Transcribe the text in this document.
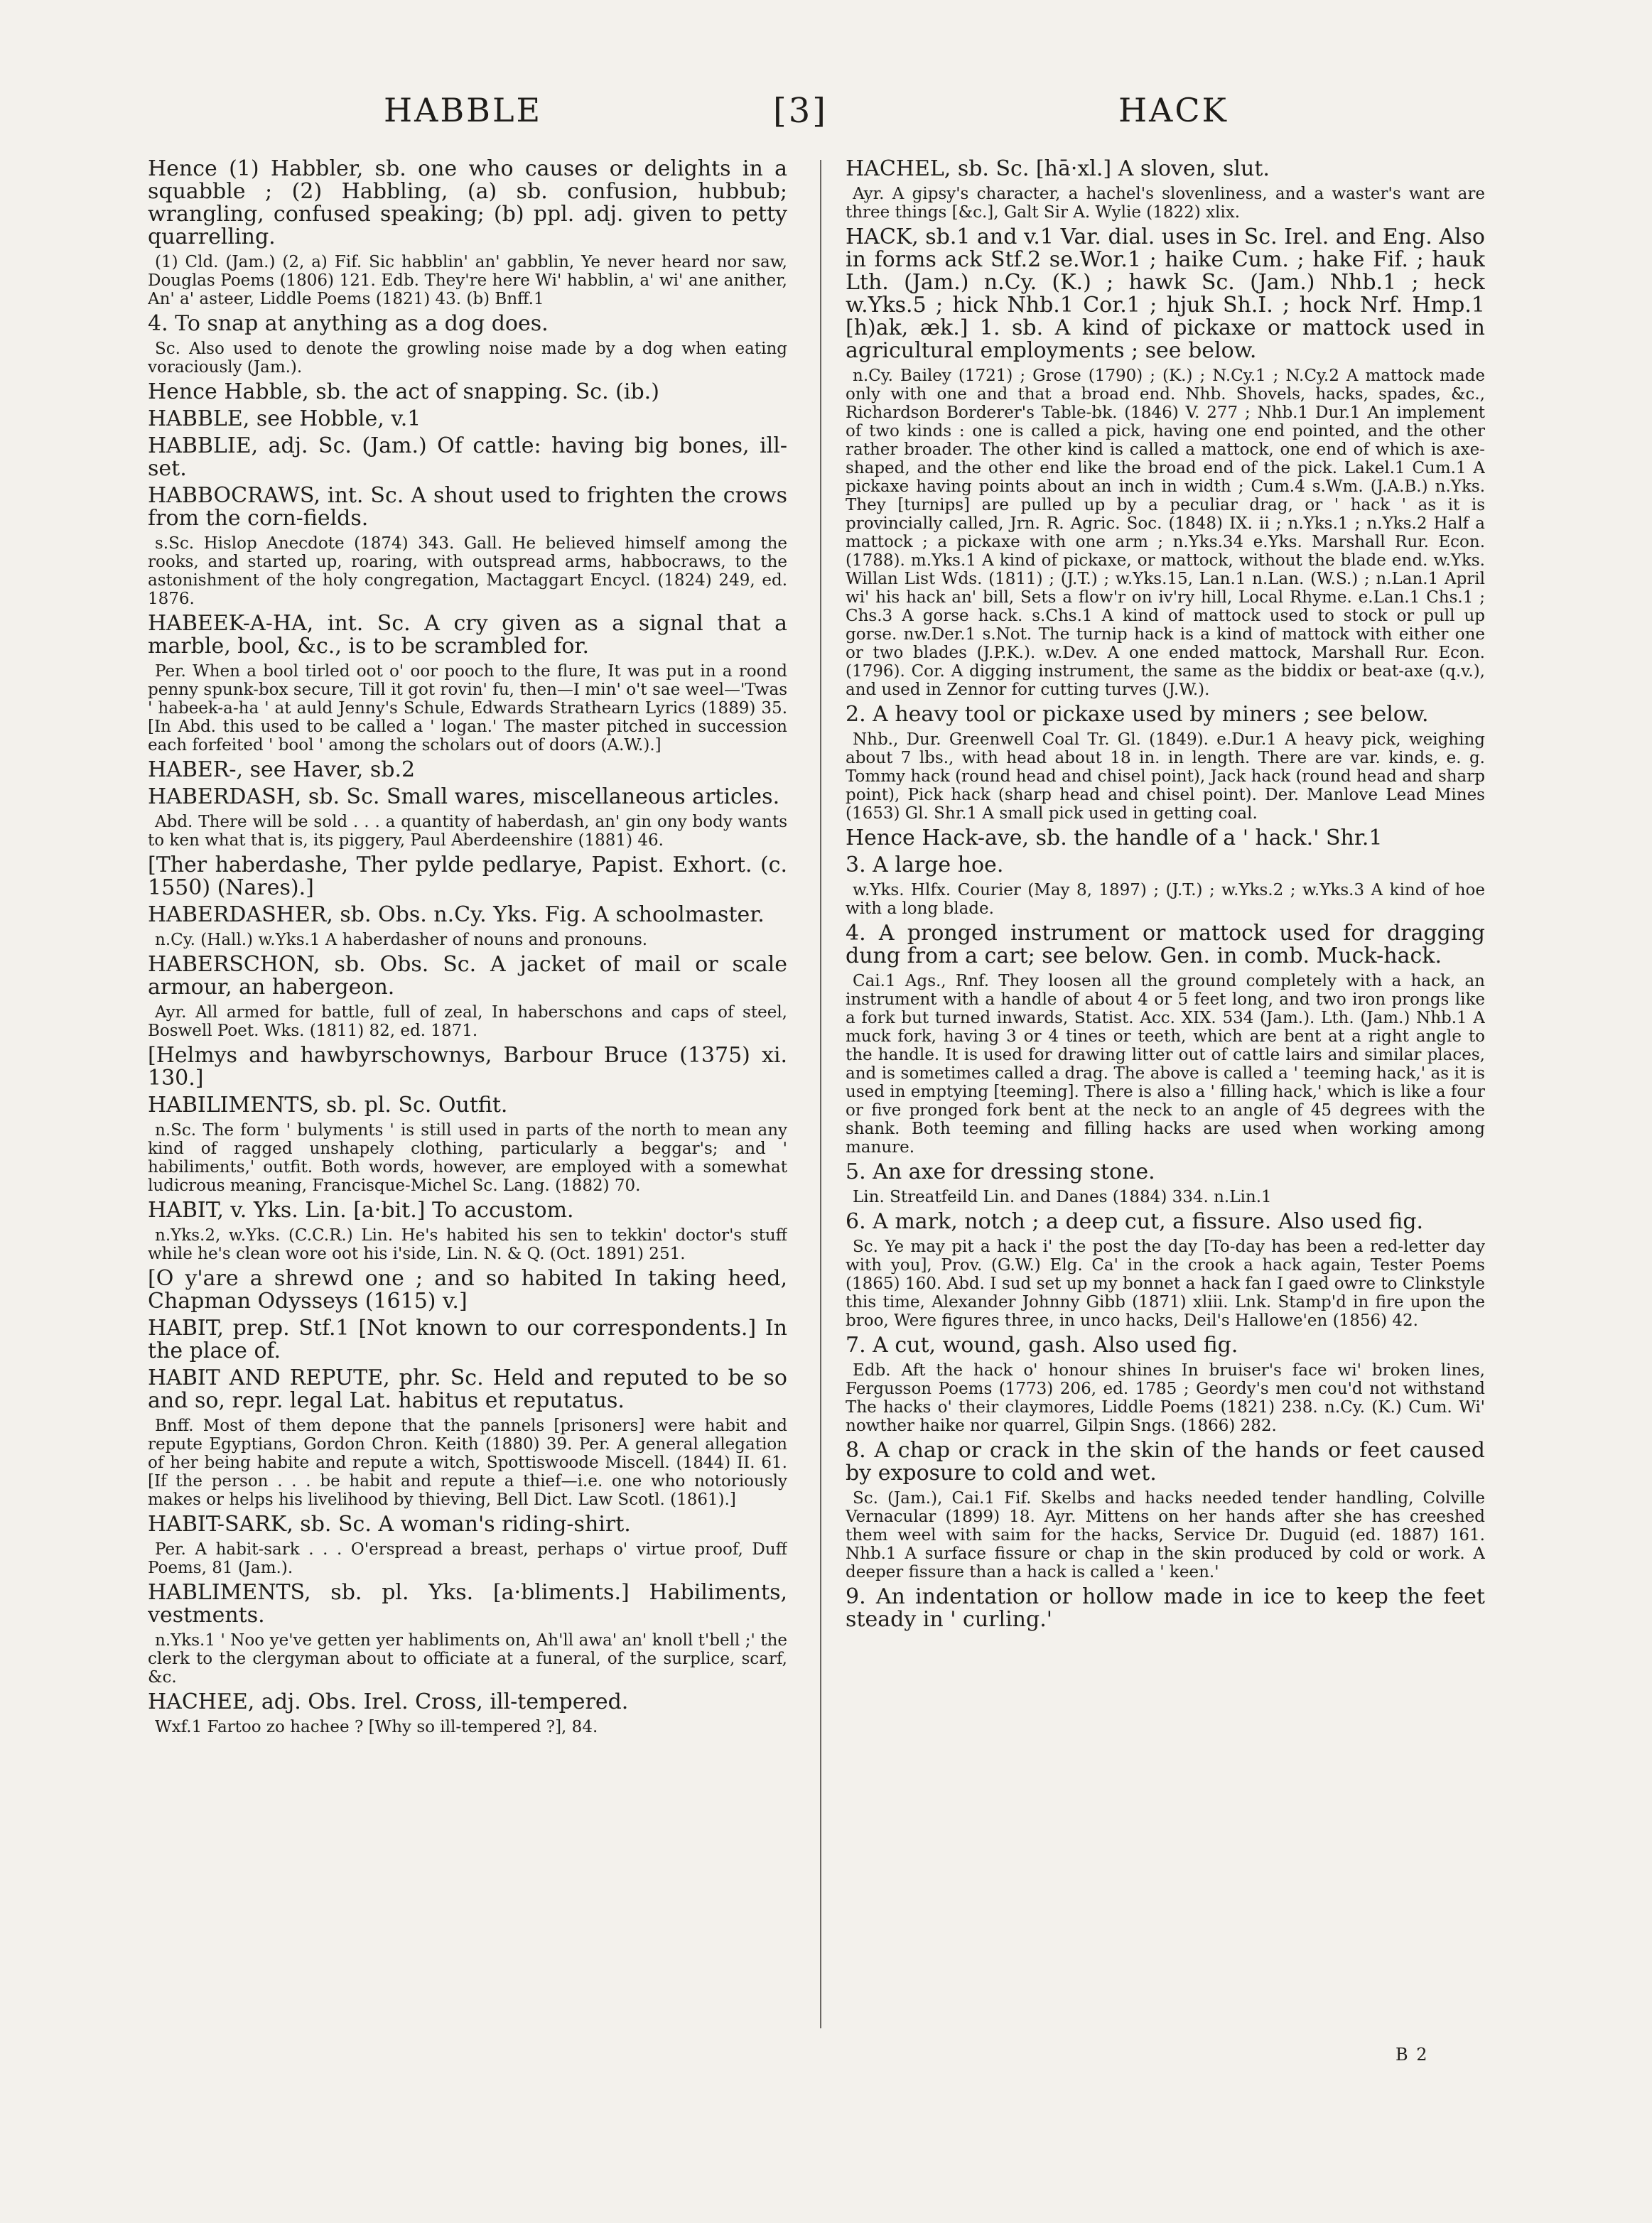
HABBLE	[3]	HACK

Hence (1) Habbler, sb. one who causes or delights in a squabble ; (2) Habbling, (a) sb. confusion, hubbub; wrangling, confused speaking; (b) ppl. adj. given to petty quarrelling.

(1) Cld. (Jam.) (2, a) Fif. Sic habblin' an' gabblin, Ye never heard nor saw, Douglas Poems (1806) 121. Edb. They're here Wi' habblin, a' wi' ane anither, An' a' asteer, Liddle Poems (1821) 43. (b) Bnff.1

4. To snap at anything as a dog does.

Sc. Also used to denote the growling noise made by a dog when eating voraciously (Jam.).

Hence Habble, sb. the act of snapping. Sc. (ib.)

HABBLE, see Hobble, v.1

HABBLIE, adj. Sc. (Jam.) Of cattle: having big bones, ill-set.

HABBOCRAWS, int. Sc. A shout used to frighten the crows from the corn-fields.

s.Sc. Hislop Anecdote (1874) 343. Gall. He believed himself among the rooks, and started up, roaring, with outspread arms, habbocraws, to the astonishment of the holy congregation, Mactaggart Encycl. (1824) 249, ed. 1876.

HABEEK-A-HA, int. Sc. A cry given as a signal that a marble, bool, &c., is to be scrambled for.

Per. When a bool tirled oot o' oor pooch to the flure, It was put in a roond penny spunk-box secure, Till it got rovin' fu, then—I min' o't sae weel—'Twas ' habeek-a-ha ' at auld Jenny's Schule, Edwards Strathearn Lyrics (1889) 35. [In Abd. this used to be called a ' logan.' The master pitched in succession each forfeited ' bool ' among the scholars out of doors (A.W.).]

HABER-, see Haver, sb.2

HABERDASH, sb. Sc. Small wares, miscellaneous articles.

Abd. There will be sold . . . a quantity of haberdash, an' gin ony body wants to ken what that is, its piggery, Paul Aberdeenshire (1881) 46.

[Ther haberdashe, Ther pylde pedlarye, Papist. Exhort. (c. 1550) (Nares).]

HABERDASHER, sb. Obs. n.Cy. Yks. Fig. A schoolmaster.

n.Cy. (Hall.) w.Yks.1 A haberdasher of nouns and pronouns.

HABERSCHON, sb. Obs. Sc. A jacket of mail or scale armour, an habergeon.

Ayr. All armed for battle, full of zeal, In haberschons and caps of steel, Boswell Poet. Wks. (1811) 82, ed. 1871.

[Helmys and hawbyrschownys, Barbour Bruce (1375) xi. 130.]

HABILIMENTS, sb. pl. Sc. Outfit.

n.Sc. The form ' bulyments ' is still used in parts of the north to mean any kind of ragged unshapely clothing, particularly a beggar's; and ' habiliments,' outfit. Both words, however, are employed with a somewhat ludicrous meaning, Francisque-Michel Sc. Lang. (1882) 70.

HABIT, v. Yks. Lin. [a·bit.] To accustom.

n.Yks.2, w.Yks. (C.C.R.) Lin. He's habited his sen to tekkin' doctor's stuff while he's clean wore oot his i'side, Lin. N. & Q. (Oct. 1891) 251.

[O y'are a shrewd one ; and so habited In taking heed, Chapman Odysseys (1615) v.]

HABIT, prep. Stf.1 [Not known to our correspondents.] In the place of.

HABIT AND REPUTE, phr. Sc. Held and reputed to be so and so, repr. legal Lat. habitus et reputatus.

Bnff. Most of them depone that the pannels [prisoners] were habit and repute Egyptians, Gordon Chron. Keith (1880) 39. Per. A general allegation of her being habite and repute a witch, Spottiswoode Miscell. (1844) II. 61. [If the person . . . be habit and repute a thief—i.e. one who notoriously makes or helps his livelihood by thieving, Bell Dict. Law Scotl. (1861).]

HABIT-SARK, sb. Sc. A woman's riding-shirt.

Per. A habit-sark . . . O'erspread a breast, perhaps o' virtue proof, Duff Poems, 81 (Jam.).

HABLIMENTS, sb. pl. Yks. [a·bliments.] Habiliments, vestments.

n.Yks.1 ' Noo ye've getten yer habliments on, Ah'll awa' an' knoll t'bell ;' the clerk to the clergyman about to officiate at a funeral, of the surplice, scarf, &c.

HACHEE, adj. Obs. Irel. Cross, ill-tempered.

Wxf.1 Fartoo zo hachee ? [Why so ill-tempered ?], 84.

HACHEL, sb. Sc. [hā·xl.] A sloven, slut.

Ayr. A gipsy's character, a hachel's slovenliness, and a waster's want are three things [&c.], Galt Sir A. Wylie (1822) xlix.

HACK, sb.1 and v.1 Var. dial. uses in Sc. Irel. and Eng. Also in forms ack Stf.2 se.Wor.1 ; haike Cum. ; hake Fif. ; hauk Lth. (Jam.) n.Cy. (K.) ; hawk Sc. (Jam.) Nhb.1 ; heck w.Yks.5 ; hick Nhb.1 Cor.1 ; hjuk Sh.I. ; hock Nrf. Hmp.1 [h)ak, æk.] 1. sb. A kind of pickaxe or mattock used in agricultural employments ; see below.

n.Cy. Bailey (1721) ; Grose (1790) ; (K.) ; N.Cy.1 ; N.Cy.2 A mattock made only with one and that a broad end. Nhb. Shovels, hacks, spades, &c., Richardson Borderer's Table-bk. (1846) V. 277 ; Nhb.1 Dur.1 An implement of two kinds : one is called a pick, having one end pointed, and the other rather broader. The other kind is called a mattock, one end of which is axe-shaped, and the other end like the broad end of the pick. Lakel.1 Cum.1 A pickaxe having points about an inch in width ; Cum.4 s.Wm. (J.A.B.) n.Yks. They [turnips] are pulled up by a peculiar drag, or ' hack ' as it is provincially called, Jrn. R. Agric. Soc. (1848) IX. ii ; n.Yks.1 ; n.Yks.2 Half a mattock ; a pickaxe with one arm ; n.Yks.34 e.Yks. Marshall Rur. Econ. (1788). m.Yks.1 A kind of pickaxe, or mattock, without the blade end. w.Yks. Willan List Wds. (1811) ; (J.T.) ; w.Yks.15, Lan.1 n.Lan. (W.S.) ; n.Lan.1 April wi' his hack an' bill, Sets a flow'r on iv'ry hill, Local Rhyme. e.Lan.1 Chs.1 ; Chs.3 A gorse hack. s.Chs.1 A kind of mattock used to stock or pull up gorse. nw.Der.1 s.Not. The turnip hack is a kind of mattock with either one or two blades (J.P.K.). w.Dev. A one ended mattock, Marshall Rur. Econ. (1796). Cor. A digging instrument, the same as the biddix or beat-axe (q.v.), and used in Zennor for cutting turves (J.W.).

2. A heavy tool or pickaxe used by miners ; see below.

Nhb., Dur. Greenwell Coal Tr. Gl. (1849). e.Dur.1 A heavy pick, weighing about 7 lbs., with head about 18 in. in length. There are var. kinds, e. g. Tommy hack (round head and chisel point), Jack hack (round head and sharp point), Pick hack (sharp head and chisel point). Der. Manlove Lead Mines (1653) Gl. Shr.1 A small pick used in getting coal.

Hence Hack-ave, sb. the handle of a ' hack.' Shr.1

3. A large hoe.

w.Yks. Hlfx. Courier (May 8, 1897) ; (J.T.) ; w.Yks.2 ; w.Yks.3 A kind of hoe with a long blade.

4. A pronged instrument or mattock used for dragging dung from a cart; see below. Gen. in comb. Muck-hack.

Cai.1 Ags., Rnf. They loosen all the ground completely with a hack, an instrument with a handle of about 4 or 5 feet long, and two iron prongs like a fork but turned inwards, Statist. Acc. XIX. 534 (Jam.). Lth. (Jam.) Nhb.1 A muck fork, having 3 or 4 tines or teeth, which are bent at a right angle to the handle. It is used for drawing litter out of cattle lairs and similar places, and is sometimes called a drag. The above is called a ' teeming hack,' as it is used in emptying [teeming]. There is also a ' filling hack,' which is like a four or five pronged fork bent at the neck to an angle of 45 degrees with the shank. Both teeming and filling hacks are used when working among manure.

5. An axe for dressing stone.

Lin. Streatfeild Lin. and Danes (1884) 334. n.Lin.1

6. A mark, notch ; a deep cut, a fissure. Also used fig.

Sc. Ye may pit a hack i' the post the day [To-day has been a red-letter day with you], Prov. (G.W.) Elg. Ca' in the crook a hack again, Tester Poems (1865) 160. Abd. I sud set up my bonnet a hack fan I gaed owre to Clinkstyle this time, Alexander Johnny Gibb (1871) xliii. Lnk. Stamp'd in fire upon the broo, Were figures three, in unco hacks, Deil's Hallowe'en (1856) 42.

7. A cut, wound, gash. Also used fig.

Edb. Aft the hack o' honour shines In bruiser's face wi' broken lines, Fergusson Poems (1773) 206, ed. 1785 ; Geordy's men cou'd not withstand The hacks o' their claymores, Liddle Poems (1821) 238. n.Cy. (K.) Cum. Wi' nowther haike nor quarrel, Gilpin Sngs. (1866) 282.

8. A chap or crack in the skin of the hands or feet caused by exposure to cold and wet.

Sc. (Jam.), Cai.1 Fif. Skelbs and hacks needed tender handling, Colville Vernacular (1899) 18. Ayr. Mittens on her hands after she has creeshed them weel with saim for the hacks, Service Dr. Duguid (ed. 1887) 161. Nhb.1 A surface fissure or chap in the skin produced by cold or work. A deeper fissure than a hack is called a ' keen.'

9. An indentation or hollow made in ice to keep the feet steady in ' curling.'

B 2
